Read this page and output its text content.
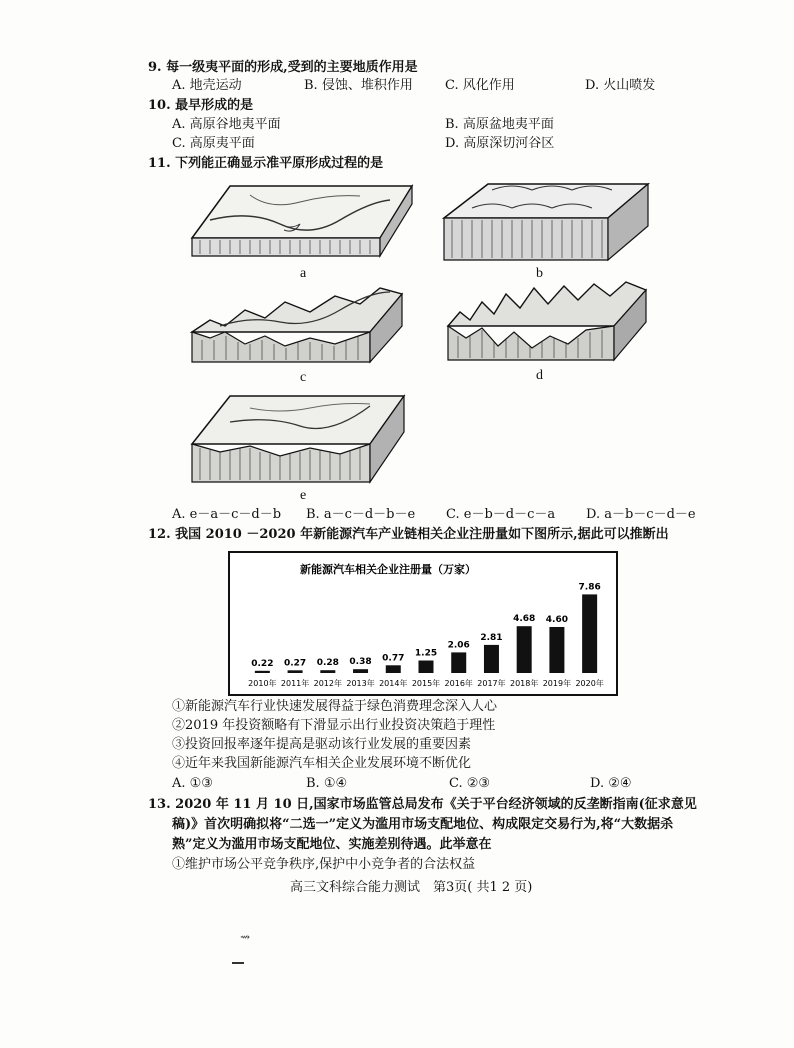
9. 每一级夷平面的形成,受到的主要地质作用是
A. 地壳运动	B. 侵蚀、堆积作用 C. 风化作用	D. 火山喷发
10. 最早形成的是
A. 高原谷地夷平面	B. 高原盆地夷平面
C. 高原夷平面	D. 高原深切河谷区
11. 下列能正确显示准平原形成过程的是
a	b
c	d
e
A. e－a－c－d－b B. a－c－d－b－e C. e－b－d－c－a D. a－b－c－d－e
12. 我国 2010 －2020 年新能源汽车产业链相关企业注册量如下图所示,据此可以推断出
新能源汽车相关企业注册量（万家）
0.22
2010年
0.27
2011年
0.28
2012年
0.38
2013年
0.77
2014年
1.25
2015年
2.06
2016年
2.81
2017年
4.68
2018年
4.60
2019年
7.86
2020年
①新能源汽车行业快速发展得益于绿色消费理念深入人心
②2019 年投资额略有下滑显示出行业投资决策趋于理性
③投资回报率逐年提高是驱动该行业发展的重要因素
④近年来我国新能源汽车相关企业发展环境不断优化
A. ①③	B. ①④	C. ②③	D. ②④
13. 2020 年 11 月 10 日,国家市场监管总局发布《关于平台经济领域的反垄断指南(征求意见
稿)》首次明确拟将“二选一”定义为滥用市场支配地位、构成限定交易行为,将“大数据杀
熟”定义为滥用市场支配地位、实施差别待遇。此举意在
①维护市场公平竞争秩序,保护中小竞争者的合法权益
高三文科综合能力测试　第3页( 共1 2 页)
⇝
